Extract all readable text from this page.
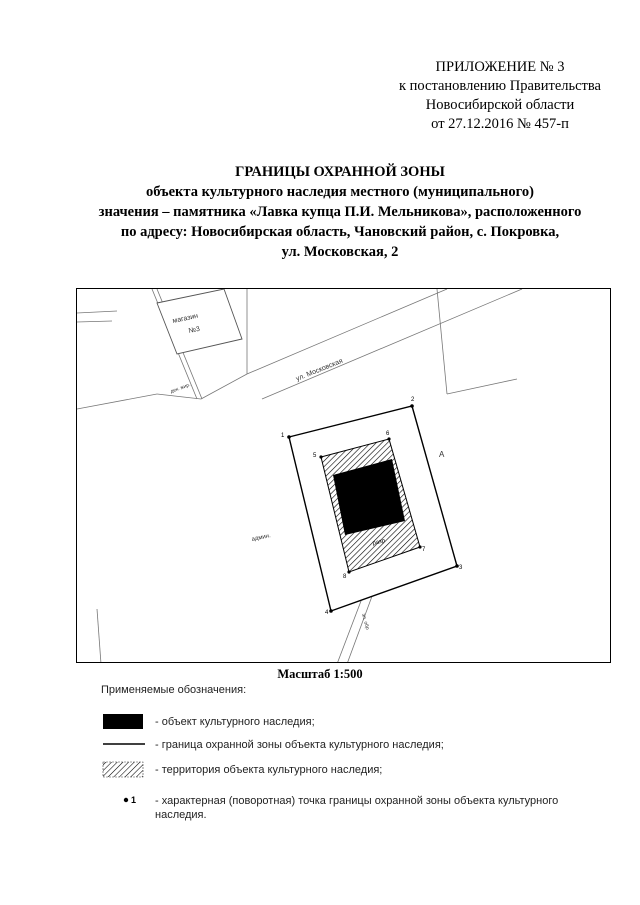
ПРИЛОЖЕНИЕ № 3
к постановлению Правительства
Новосибирской области
от 27.12.2016 № 457-п
ГРАНИЦЫ ОХРАННОЙ ЗОНЫ
объекта культурного наследия местного (муниципального)
значения – памятника «Лавка купца П.И. Мельникова», расположенного
по адресу: Новосибирская область, Чановский район, с. Покровка,
ул. Московская, 2
магазин
№3
дек. жир.
ул. Московская
админ.
А
эл. обр
разр
1
2
3
4
5
6
7
8
Масштаб 1:500
Применяемые обозначения:
- объект культурного наследия;
- граница охранной зоны объекта культурного наследия;
- территория объекта культурного наследия;
1 - характерная (поворотная) точка границы охранной зоны объекта культурного наследия.
